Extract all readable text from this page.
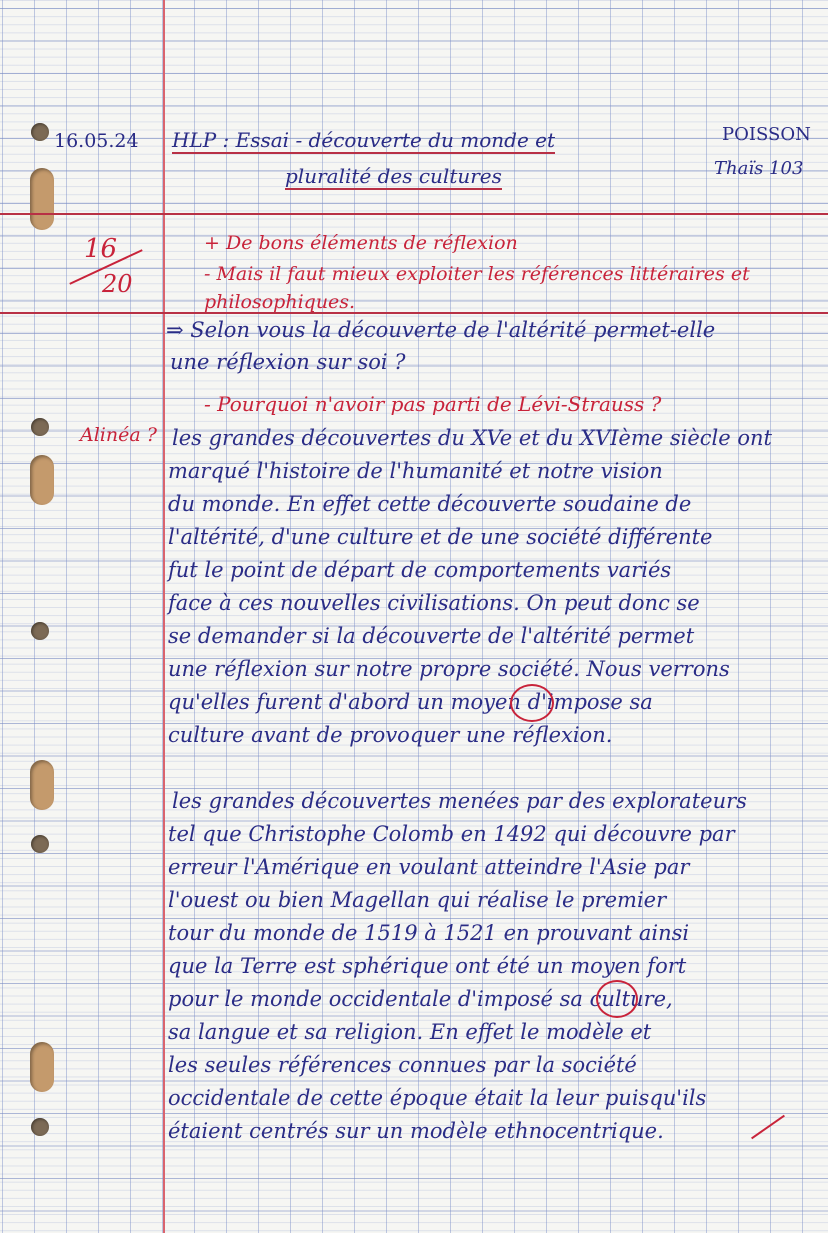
16.05.24 HLP : Essai - découverte du monde et
pluralité des cultures
POISSON
Thaïs 103
16
20
+ De bons éléments de réflexion
- Mais il faut mieux exploiter les références littéraires et
philosophiques.
⇒ Selon vous la découverte de l'altérité permet-elle
une réflexion sur soi ?
- Pourquoi n'avoir pas parti de Lévi-Strauss ?
Alinéa ? les grandes découvertes du XVe et du XVIème siècle ont
marqué l'histoire de l'humanité et notre vision
du monde. En effet cette découverte soudaine de
l'altérité, d'une culture et de une société différente
fut le point de départ de comportements variés
face à ces nouvelles civilisations. On peut donc se
se demander si la découverte de l'altérité permet
une réflexion sur notre propre société. Nous verrons
qu'elles furent d'abord un moyen d'impose sa
culture avant de provoquer une réflexion.
les grandes découvertes menées par des explorateurs
tel que Christophe Colomb en 1492 qui découvre par
erreur l'Amérique en voulant atteindre l'Asie par
l'ouest ou bien Magellan qui réalise le premier
tour du monde de 1519 à 1521 en prouvant ainsi
que la Terre est sphérique ont été un moyen fort
pour le monde occidentale d'imposé sa culture,
sa langue et sa religion. En effet le modèle et
les seules références connues par la société
occidentale de cette époque était la leur puisqu'ils
étaient centrés sur un modèle ethnocentrique.
